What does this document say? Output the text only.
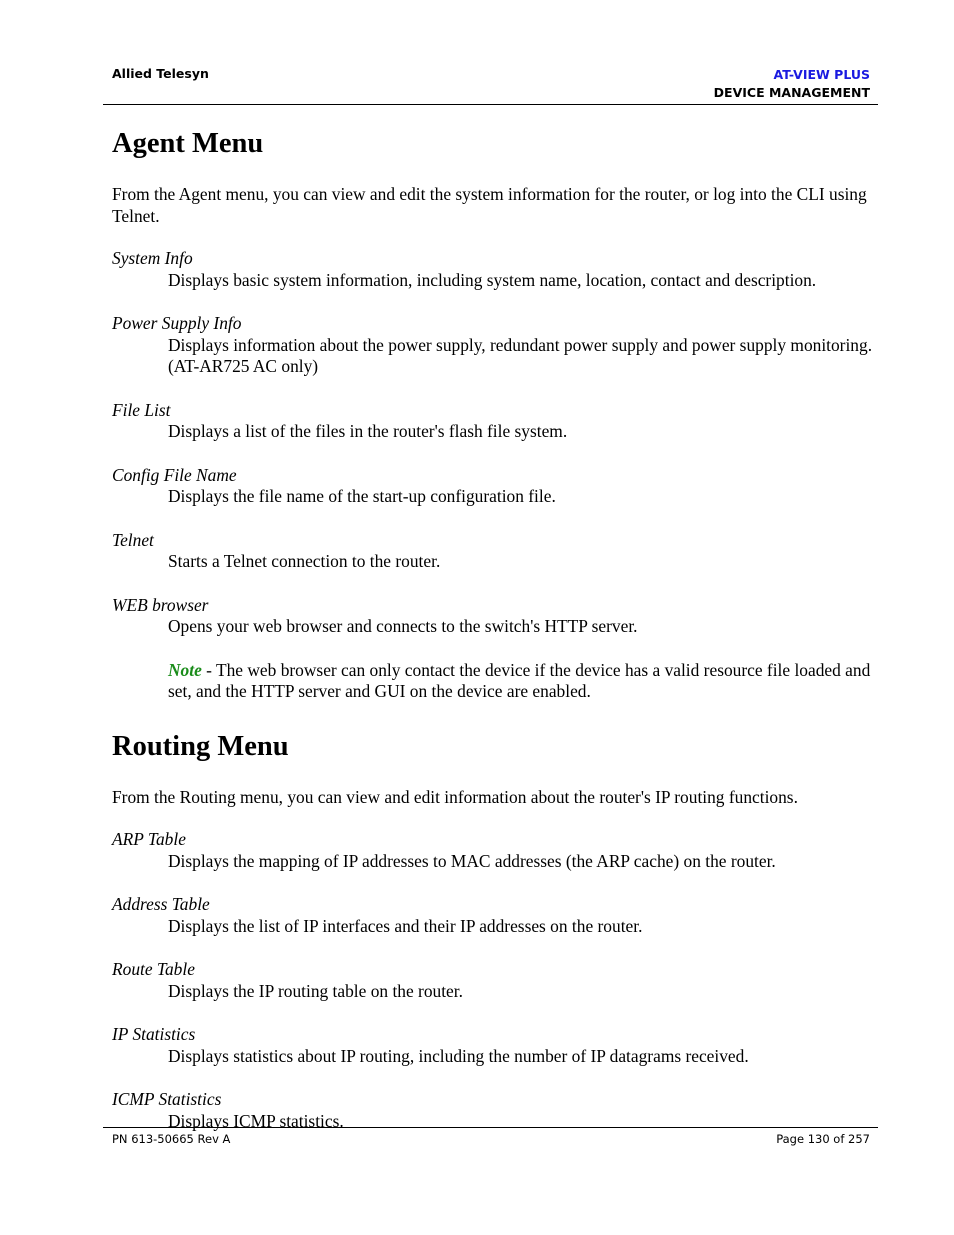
Allied Telesyn	AT-VIEW PLUS
DEVICE MANAGEMENT
Agent Menu

From the Agent menu, you can view and edit the system information for the router, or log into the CLI using Telnet.

System Info

Displays basic system information, including system name, location, contact and description.

Power Supply Info

Displays information about the power supply, redundant power supply and power supply monitoring. (AT-AR725 AC only)

File List

Displays a list of the files in the router's flash file system.

Config File Name

Displays the file name of the start-up configuration file.

Telnet

Starts a Telnet connection to the router.

WEB browser

Opens your web browser and connects to the switch's HTTP server.

Note - The web browser can only contact the device if the device has a valid resource file loaded and set, and the HTTP server and GUI on the device are enabled.

Routing Menu

From the Routing menu, you can view and edit information about the router's IP routing functions.

ARP Table

Displays the mapping of IP addresses to MAC addresses (the ARP cache) on the router.

Address Table

Displays the list of IP interfaces and their IP addresses on the router.

Route Table

Displays the IP routing table on the router.

IP Statistics

Displays statistics about IP routing, including the number of IP datagrams received.

ICMP Statistics

Displays ICMP statistics.

PN 613-50665 Rev A	Page 130 of 257
